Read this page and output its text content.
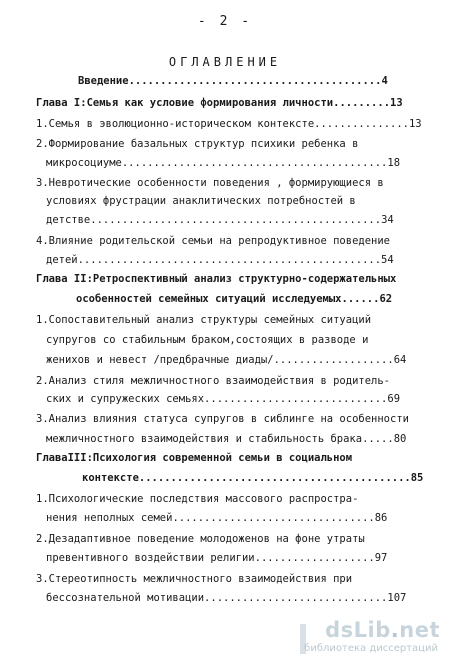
- 2 -
ОГЛАВЛЕНИЕ
Введение........................................4
Глава I:Семья как условие формирования личности.........13
1.Семья в эволюционно-историческом контексте...............13
2.Формирование базальных структур психики ребенка в
микросоциуме..........................................18
3.Невротические особенности поведения , формирующиеся в
условиях фрустрации анаклитических потребностей в
детстве..............................................34
4.Влияние родительской семьи на репродуктивное поведение
детей................................................54
Глава II:Ретроспективный анализ структурно-содержательных
особенностей семейных ситуаций исследуемых......62
1.Сопоставительный анализ структуры семейных ситуаций
супругов со стабильным браком,состоящих в разводе и
женихов и невест /предбрачные диады/...................64
2.Анализ стиля межличностного взаимодействия в родитель-
ских и супружеских семьях.............................69
3.Анализ влияния статуса супругов в сиблинге на особенности
межличностного взаимодействия и стабильность брака.....80
ГлаваIII:Психология современной семьи в социальном
контексте...........................................85
1.Психологические последствия массового распростра-
нения неполных семей................................86
2.Дезадаптивное поведение молодоженов на фоне утраты
превентивного воздействии религии...................97
3.Стереотипность межличностного взаимодействия при
бессознательной мотивации.............................107
dsLib.net
библиотека диссертаций
